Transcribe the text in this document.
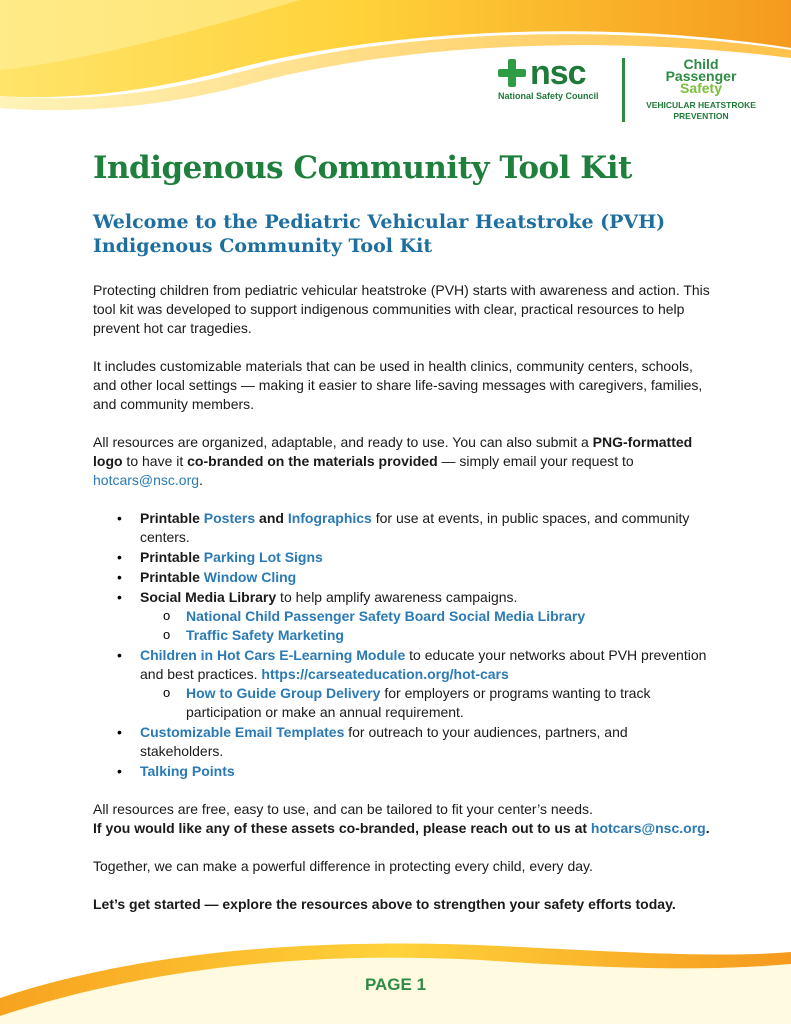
nsc
National Safety Council
Child
Passenger
Safety
VEHICULAR HEATSTROKE
PREVENTION
Indigenous Community Tool Kit
Welcome to the Pediatric Vehicular Heatstroke (PVH) Indigenous Community Tool Kit

Protecting children from pediatric vehicular heatstroke (PVH) starts with awareness and action. This tool kit was developed to support indigenous communities with clear, practical resources to help prevent hot car tragedies.

It includes customizable materials that can be used in health clinics, community centers, schools, and other local settings — making it easier to share life-saving messages with caregivers, families, and community members.

All resources are organized, adaptable, and ready to use. You can also submit a PNG-formatted logo to have it co-branded on the materials provided — simply email your request to hotcars@nsc.org.

• Printable Posters and Infographics for use at events, in public spaces, and community centers.
• Printable Parking Lot Signs
• Printable Window Cling
• Social Media Library to help amplify awareness campaigns.
o National Child Passenger Safety Board Social Media Library
o Traffic Safety Marketing
• Children in Hot Cars E-Learning Module to educate your networks about PVH prevention and best practices. https://carseateducation.org/hot-cars
o How to Guide Group Delivery for employers or programs wanting to track participation or make an annual requirement.
• Customizable Email Templates for outreach to your audiences, partners, and stakeholders.
• Talking Points

All resources are free, easy to use, and can be tailored to fit your center’s needs.
If you would like any of these assets co-branded, please reach out to us at hotcars@nsc.org.

Together, we can make a powerful difference in protecting every child, every day.

Let’s get started — explore the resources above to strengthen your safety efforts today.

PAGE 1
